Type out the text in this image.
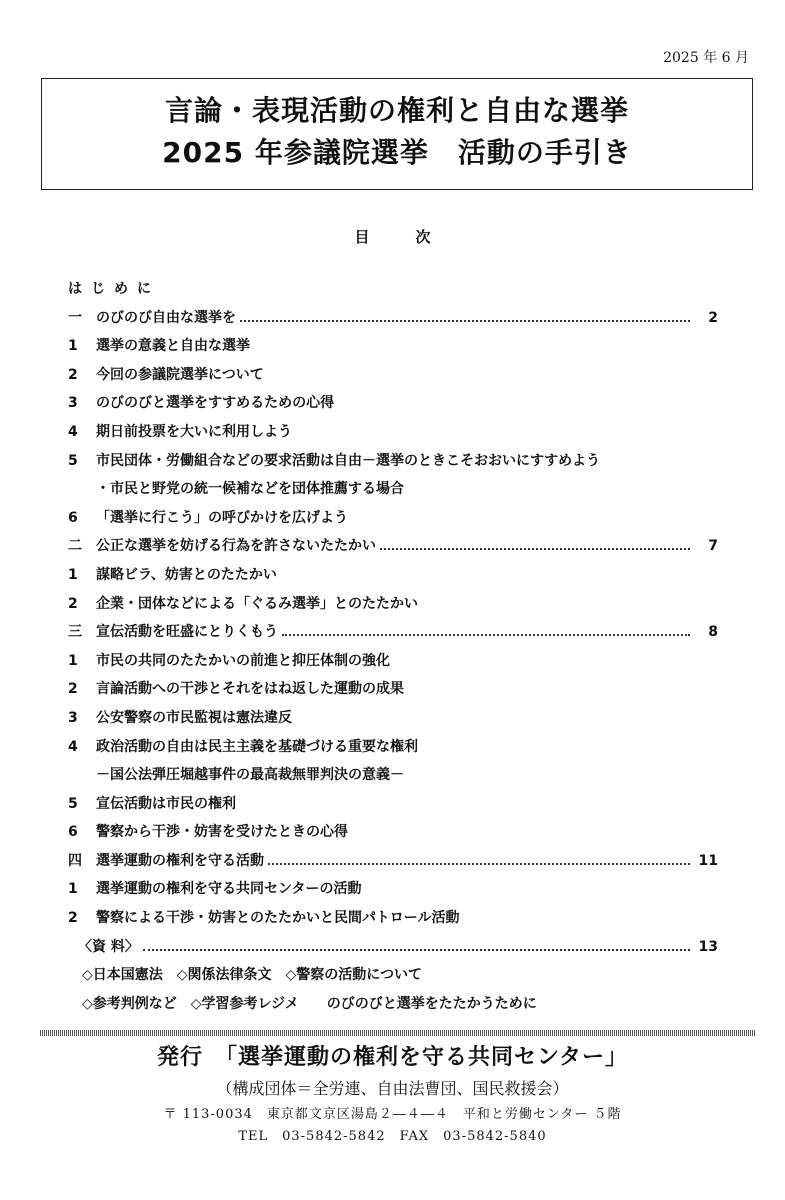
2025 年 6 月
言論・表現活動の権利と自由な選挙
2025 年参議院選挙　活動の手引き
目次
はじめに
一	のびのび自由な選挙を	2
1	選挙の意義と自由な選挙
2	今回の参議院選挙について
3	のびのびと選挙をすすめるための心得
4	期日前投票を大いに利用しよう
5	市民団体・労働組合などの要求活動は自由－選挙のときこそおおいにすすめよう
・市民と野党の統一候補などを団体推薦する場合
6	「選挙に行こう」の呼びかけを広げよう
二	公正な選挙を妨げる行為を許さないたたかい	7
1	謀略ビラ、妨害とのたたかい
2	企業・団体などによる「ぐるみ選挙」とのたたかい
三	宣伝活動を旺盛にとりくもう	8
1	市民の共同のたたかいの前進と抑圧体制の強化
2	言論活動への干渉とそれをはね返した運動の成果
3	公安警察の市民監視は憲法違反
4	政治活動の自由は民主主義を基礎づける重要な権利
－国公法弾圧堀越事件の最高裁無罪判決の意義－
5	宣伝活動は市民の権利
6	警察から干渉・妨害を受けたときの心得
四	選挙運動の権利を守る活動	11
1	選挙運動の権利を守る共同センターの活動
2	警察による干渉・妨害とのたたかいと民間パトロール活動
〈資 料〉	13
◇日本国憲法　◇関係法律条文　◇警察の活動について
◇参考判例など　◇学習参考レジメ　　のびのびと選挙をたたかうために
発行　「選挙運動の権利を守る共同センター」
（構成団体＝全労連、自由法曹団、国民救援会）
〒 113-0034　東京都文京区湯島２―４―４　平和と労働センター ５階
TEL　03-5842-5842　FAX　03-5842-5840
